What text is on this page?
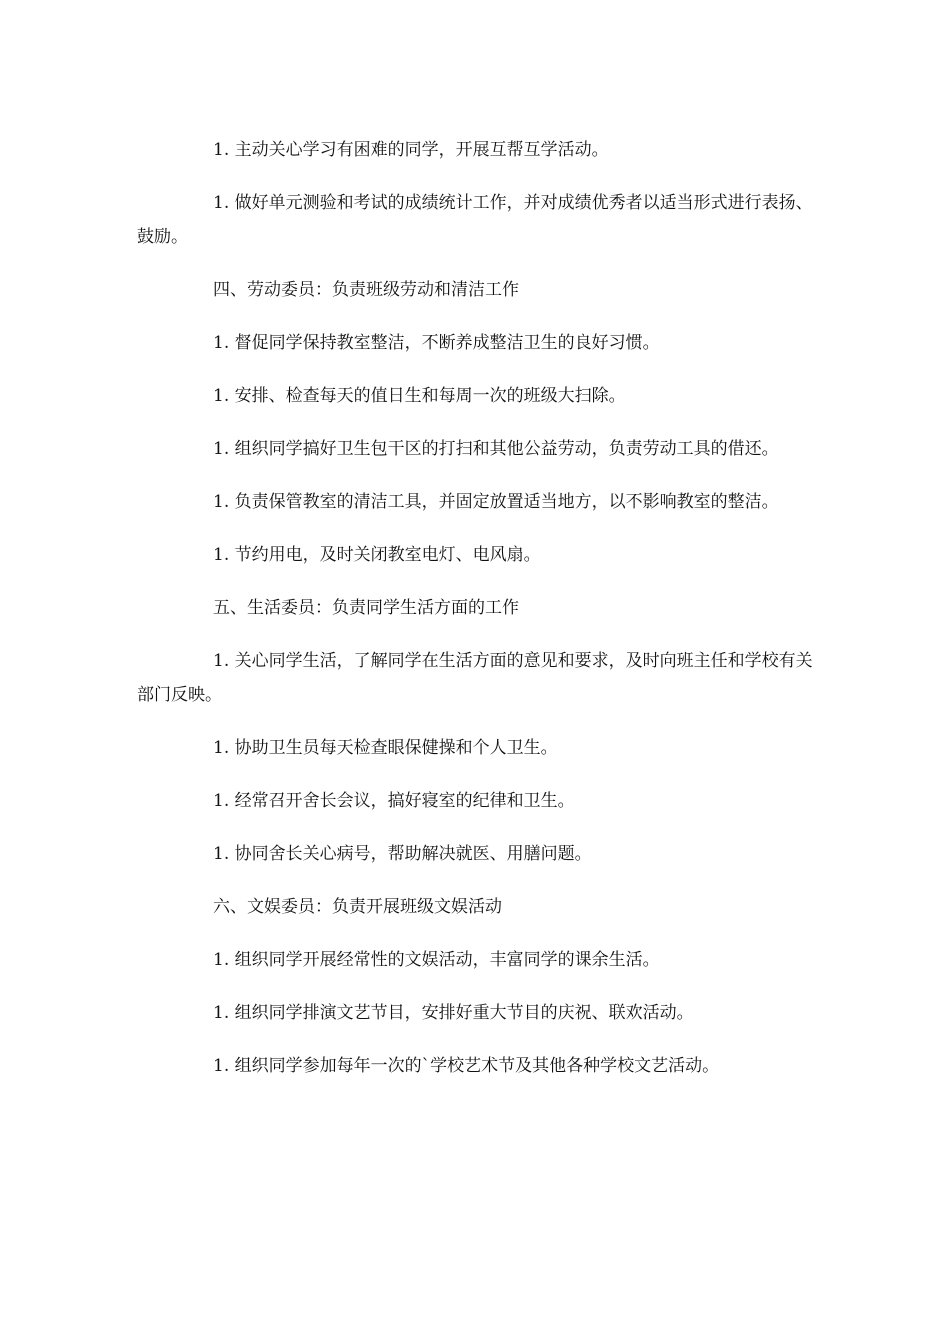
1. 主动关心学习有困难的同学，开展互帮互学活动。

1. 做好单元测验和考试的成绩统计工作，并对成绩优秀者以适当形式进行表扬、鼓励。

四、劳动委员：负责班级劳动和清洁工作

1. 督促同学保持教室整洁，不断养成整洁卫生的良好习惯。

1. 安排、检查每天的值日生和每周一次的班级大扫除。

1. 组织同学搞好卫生包干区的打扫和其他公益劳动，负责劳动工具的借还。

1. 负责保管教室的清洁工具，并固定放置适当地方，以不影响教室的整洁。

1. 节约用电，及时关闭教室电灯、电风扇。

五、生活委员：负责同学生活方面的工作

1. 关心同学生活，了解同学在生活方面的意见和要求，及时向班主任和学校有关部门反映。

1. 协助卫生员每天检查眼保健操和个人卫生。

1. 经常召开舍长会议，搞好寝室的纪律和卫生。

1. 协同舍长关心病号，帮助解决就医、用膳问题。

六、文娱委员：负责开展班级文娱活动

1. 组织同学开展经常性的文娱活动，丰富同学的课余生活。

1. 组织同学排演文艺节目，安排好重大节目的庆祝、联欢活动。

1. 组织同学参加每年一次的`学校艺术节及其他各种学校文艺活动。
